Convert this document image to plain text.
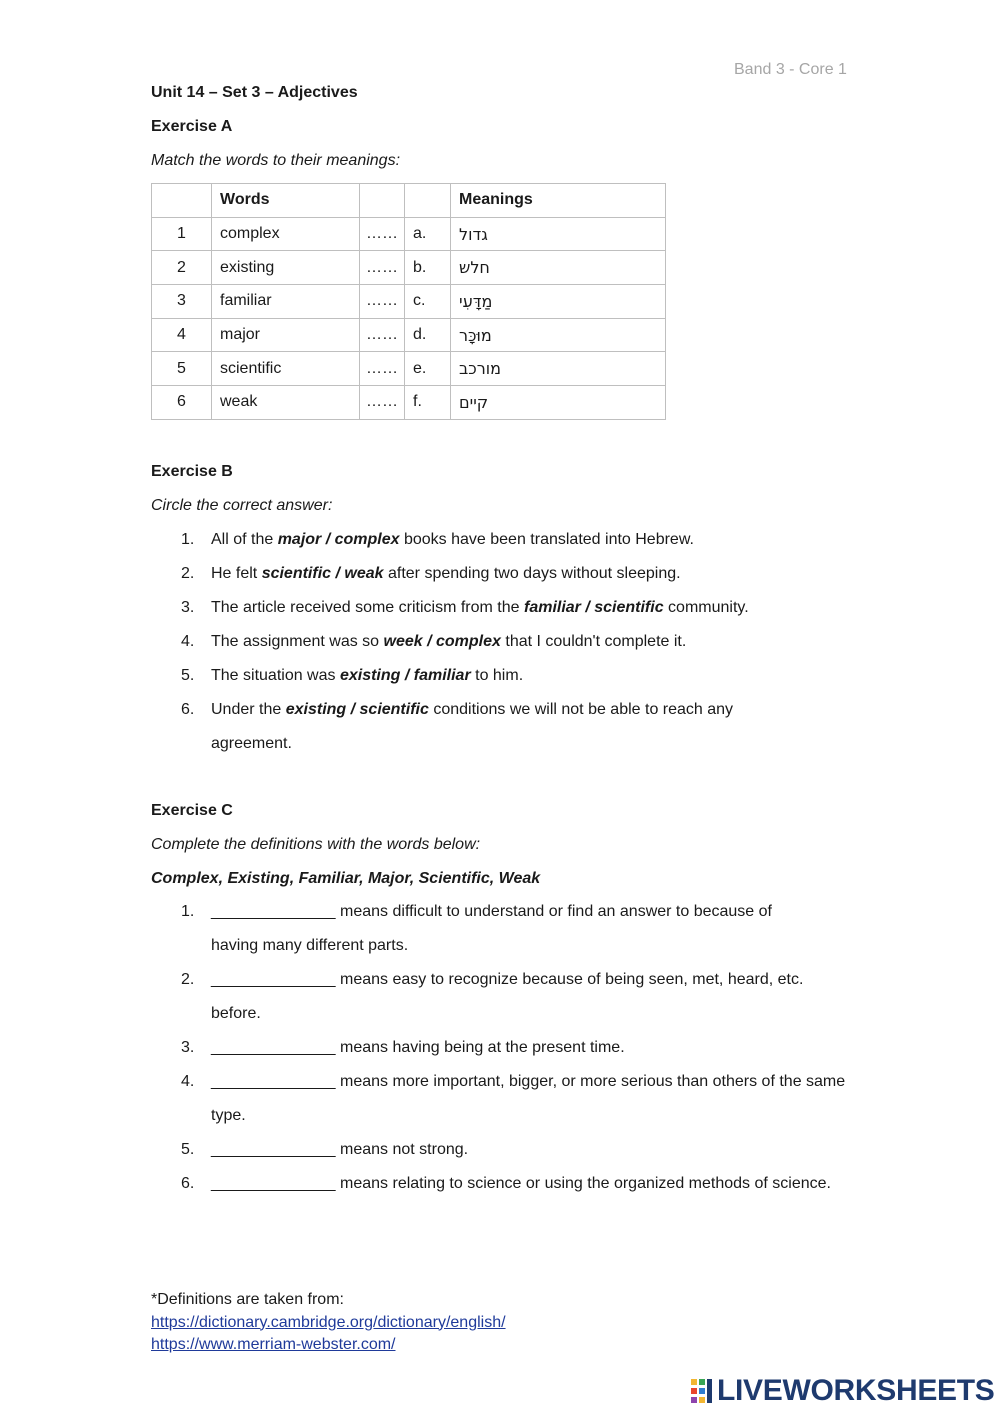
Band 3 - Core 1
Unit 14 – Set 3 – Adjectives
Exercise A
Match the words to their meanings:
	Words			Meanings
1	complex	……	a.	גדול
2	existing	……	b.	חלש
3	familiar	……	c.	מַדָּעִי
4	major	……	d.	מוּכָּר
5	scientific	……	e.	מורכב
6	weak	……	f.	קיים
Exercise B
Circle the correct answer:
1. All of the major / complex books have been translated into Hebrew.
2. He felt scientific / weak after spending two days without sleeping.
3. The article received some criticism from the familiar / scientific community.
4. The assignment was so week / complex that I couldn't complete it.
5. The situation was existing / familiar to him.
6. Under the existing / scientific conditions we will not be able to reach any agreement.
Exercise C
Complete the definitions with the words below:
Complex, Existing, Familiar, Major, Scientific, Weak
1. ______________ means difficult to understand or find an answer to because of having many different parts.
2. ______________ means easy to recognize because of being seen, met, heard, etc. before.
3. ______________ means having being at the present time.
4. ______________ means more important, bigger, or more serious than others of the same type.
5. ______________ means not strong.
6. ______________ means relating to science or using the organized methods of science.
*Definitions are taken from:
https://dictionary.cambridge.org/dictionary/english/
https://www.merriam-webster.com/
LIVEWORKSHEETS
